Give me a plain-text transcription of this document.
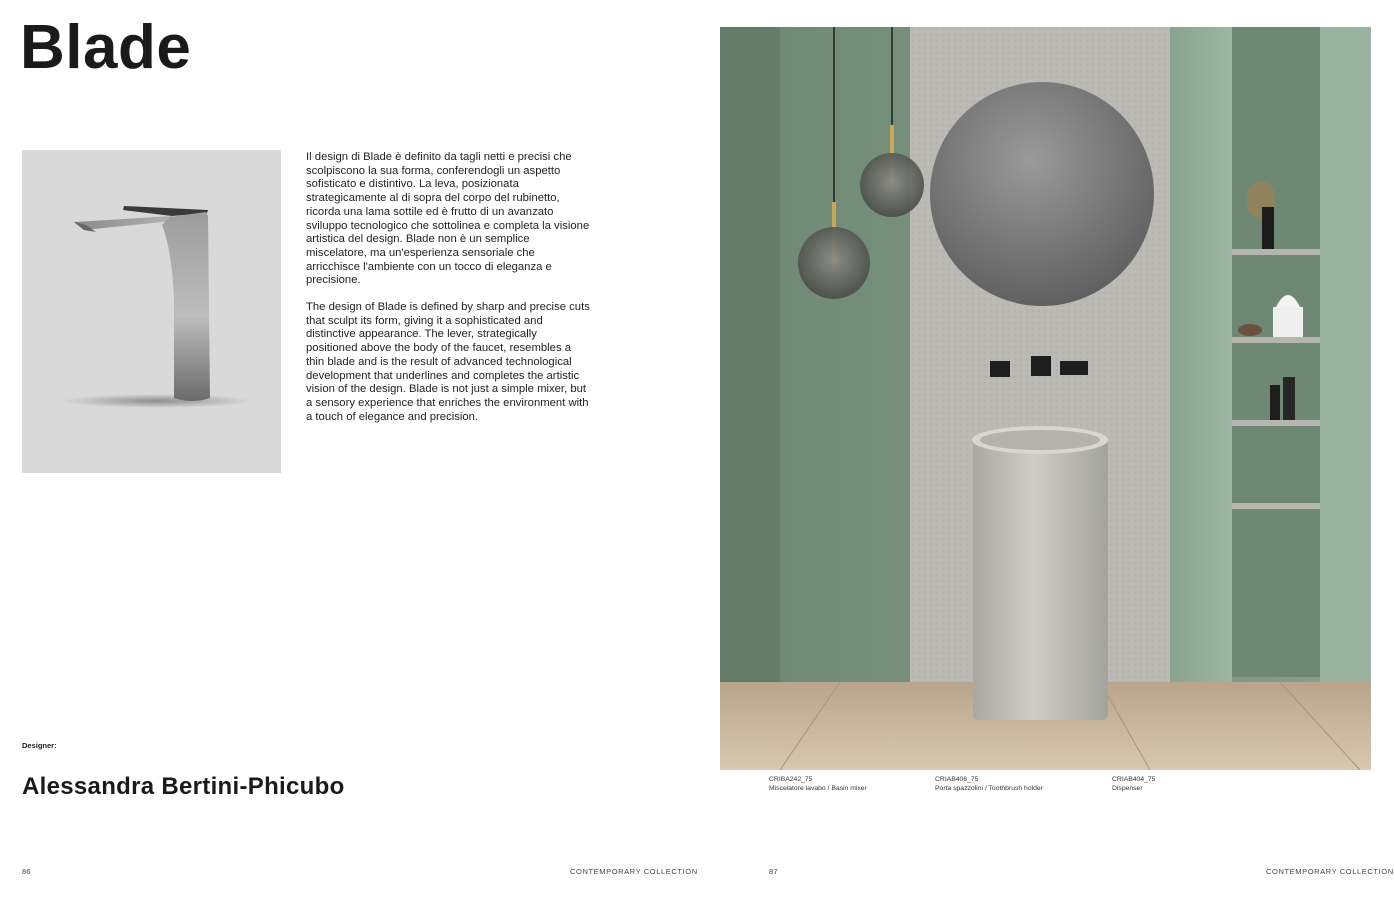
Blade

Il design di Blade è definito da tagli netti e precisi che scolpiscono la sua forma, conferendogli un aspetto sofisticato e distintivo. La leva, posizionata strategicamente al di sopra del corpo del rubinetto, ricorda una lama sottile ed è frutto di un avanzato sviluppo tecnologico che sottolinea e completa la visione artistica del design. Blade non è un semplice miscelatore, ma un'esperienza sensoriale che arricchisce l'ambiente con un tocco di eleganza e precisione.

The design of Blade is defined by sharp and precise cuts that sculpt its form, giving it a sophisticated and distinctive appearance. The lever, strategically positioned above the body of the faucet, resembles a thin blade and is the result of advanced technological development that underlines and completes the artistic vision of the design. Blade is not just a simple mixer, but a sensory experience that enriches the environment with a touch of elegance and precision.

Designer:
Alessandra Bertini-Phicubo
86	CONTEMPORARY COLLECTION
CRIBA242_75
Miscelatore lavabo / Basin mixer
CRIAB406_75
Porta spazzolini / Toothbrush holder
CRIAB404_75
Dispenser
87	CONTEMPORARY COLLECTION
